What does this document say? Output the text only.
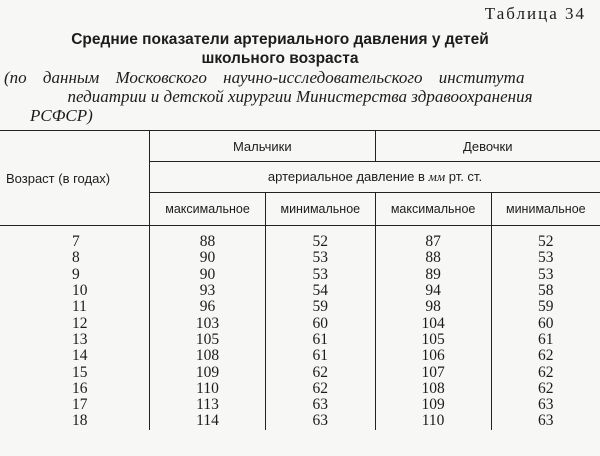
Таблица 34
Средние показатели артериального давления у детей
школьного возраста
(по данным Московского научно-исследовательского института
педиатрии и детской хирургии Министерства здравоохранения
РСФСР)
Возраст (в годах)	Мальчики		Девочки	
	артериальное давление в мм рт. ст.			
	максимальное	минимальное	максимальное	минимальное
7	88	52	87	52
8	90	53	88	53
9	90	53	89	53
10	93	54	94	58
11	96	59	98	59
12	103	60	104	60
13	105	61	105	61
14	108	61	106	62
15	109	62	107	62
16	110	62	108	62
17	113	63	109	63
18	114	63	110	63
